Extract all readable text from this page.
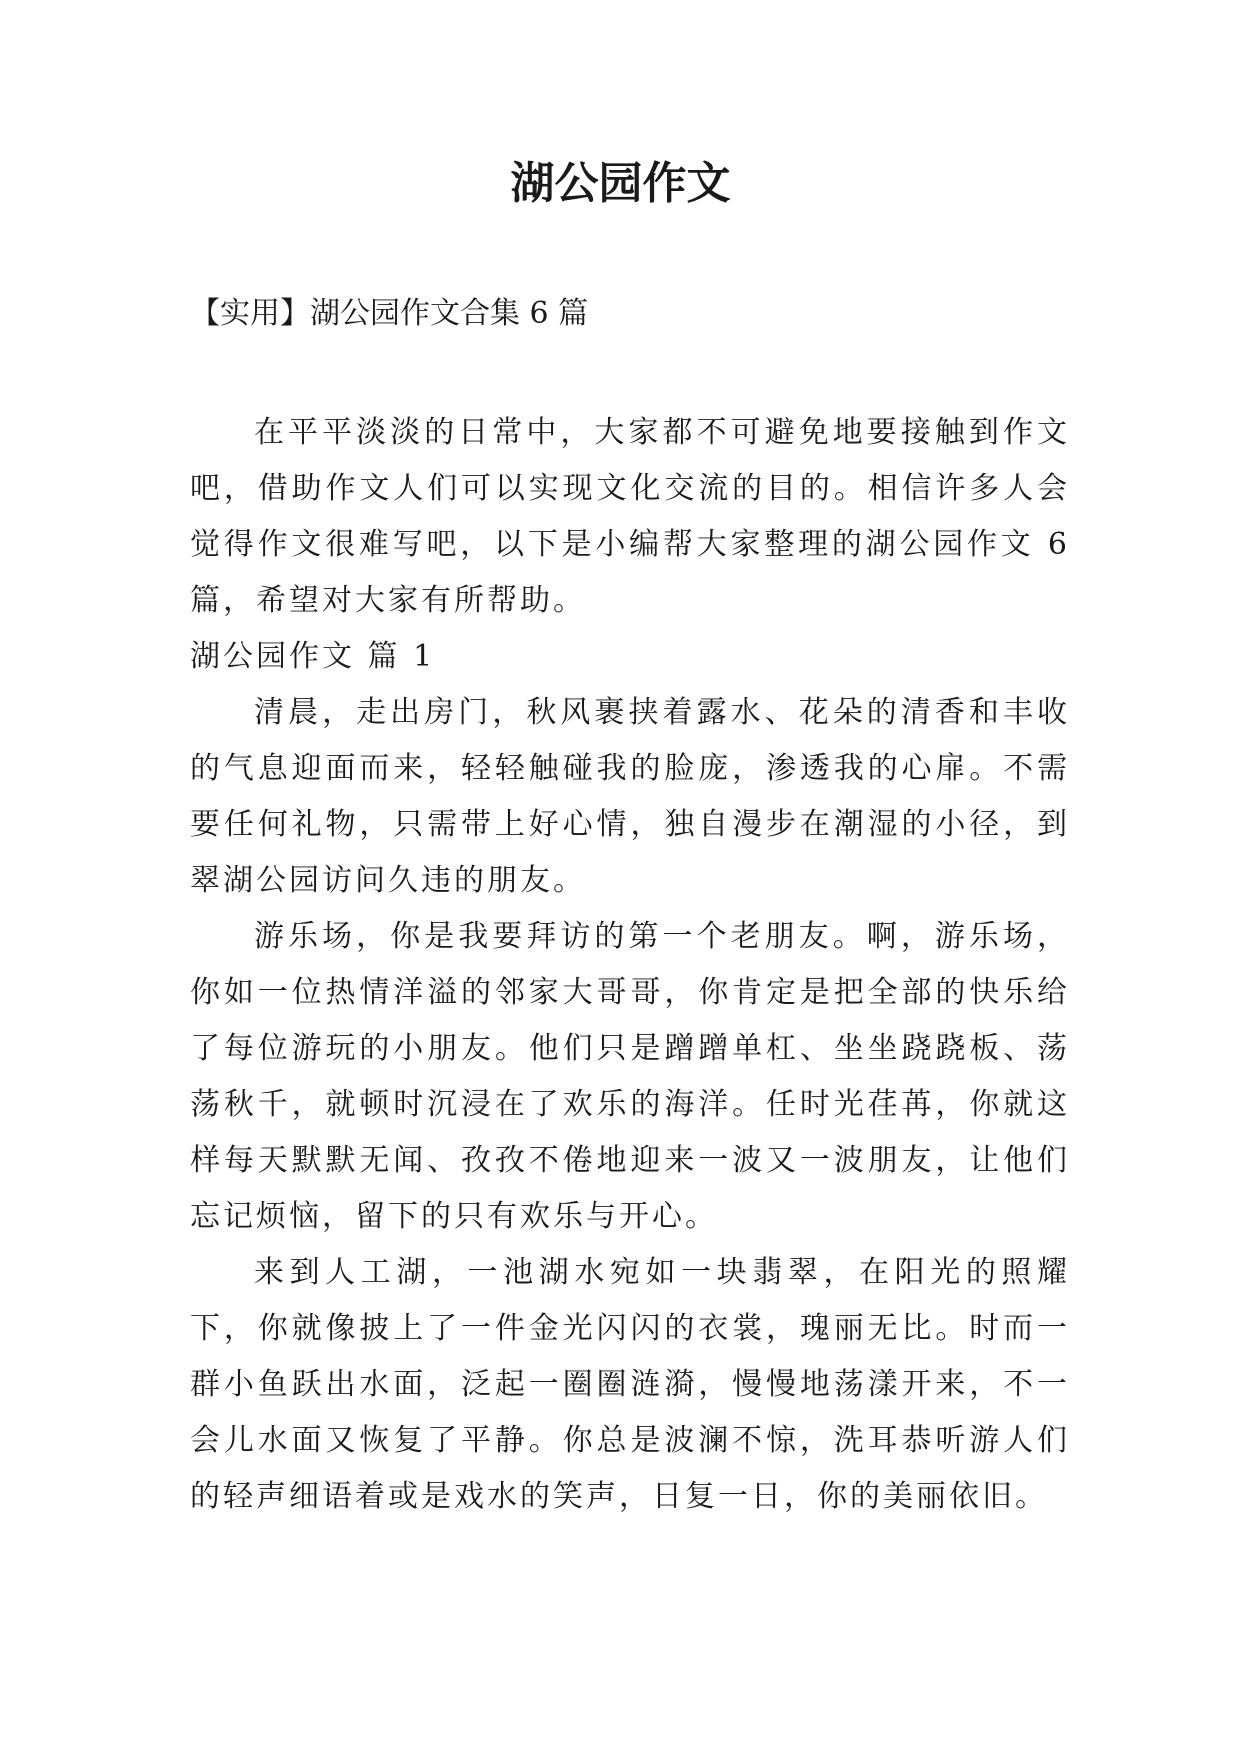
湖公园作文

【实用】湖公园作文合集 6 篇

在平平淡淡的日常中，大家都不可避免地要接触到作文吧，借助作文人们可以实现文化交流的目的。相信许多人会觉得作文很难写吧，以下是小编帮大家整理的湖公园作文 6 篇，希望对大家有所帮助。

湖公园作文 篇 1

清晨，走出房门，秋风裹挟着露水、花朵的清香和丰收的气息迎面而来，轻轻触碰我的脸庞，渗透我的心扉。不需要任何礼物，只需带上好心情，独自漫步在潮湿的小径，到翠湖公园访问久违的朋友。

游乐场，你是我要拜访的第一个老朋友。啊，游乐场，你如一位热情洋溢的邻家大哥哥，你肯定是把全部的快乐给了每位游玩的小朋友。他们只是蹭蹭单杠、坐坐跷跷板、荡荡秋千，就顿时沉浸在了欢乐的海洋。任时光荏苒，你就这样每天默默无闻、孜孜不倦地迎来一波又一波朋友，让他们忘记烦恼，留下的只有欢乐与开心。

来到人工湖，一池湖水宛如一块翡翠，在阳光的照耀下，你就像披上了一件金光闪闪的衣裳，瑰丽无比。时而一群小鱼跃出水面，泛起一圈圈涟漪，慢慢地荡漾开来，不一会儿水面又恢复了平静。你总是波澜不惊，洗耳恭听游人们的轻声细语着或是戏水的笑声，日复一日，你的美丽依旧。
